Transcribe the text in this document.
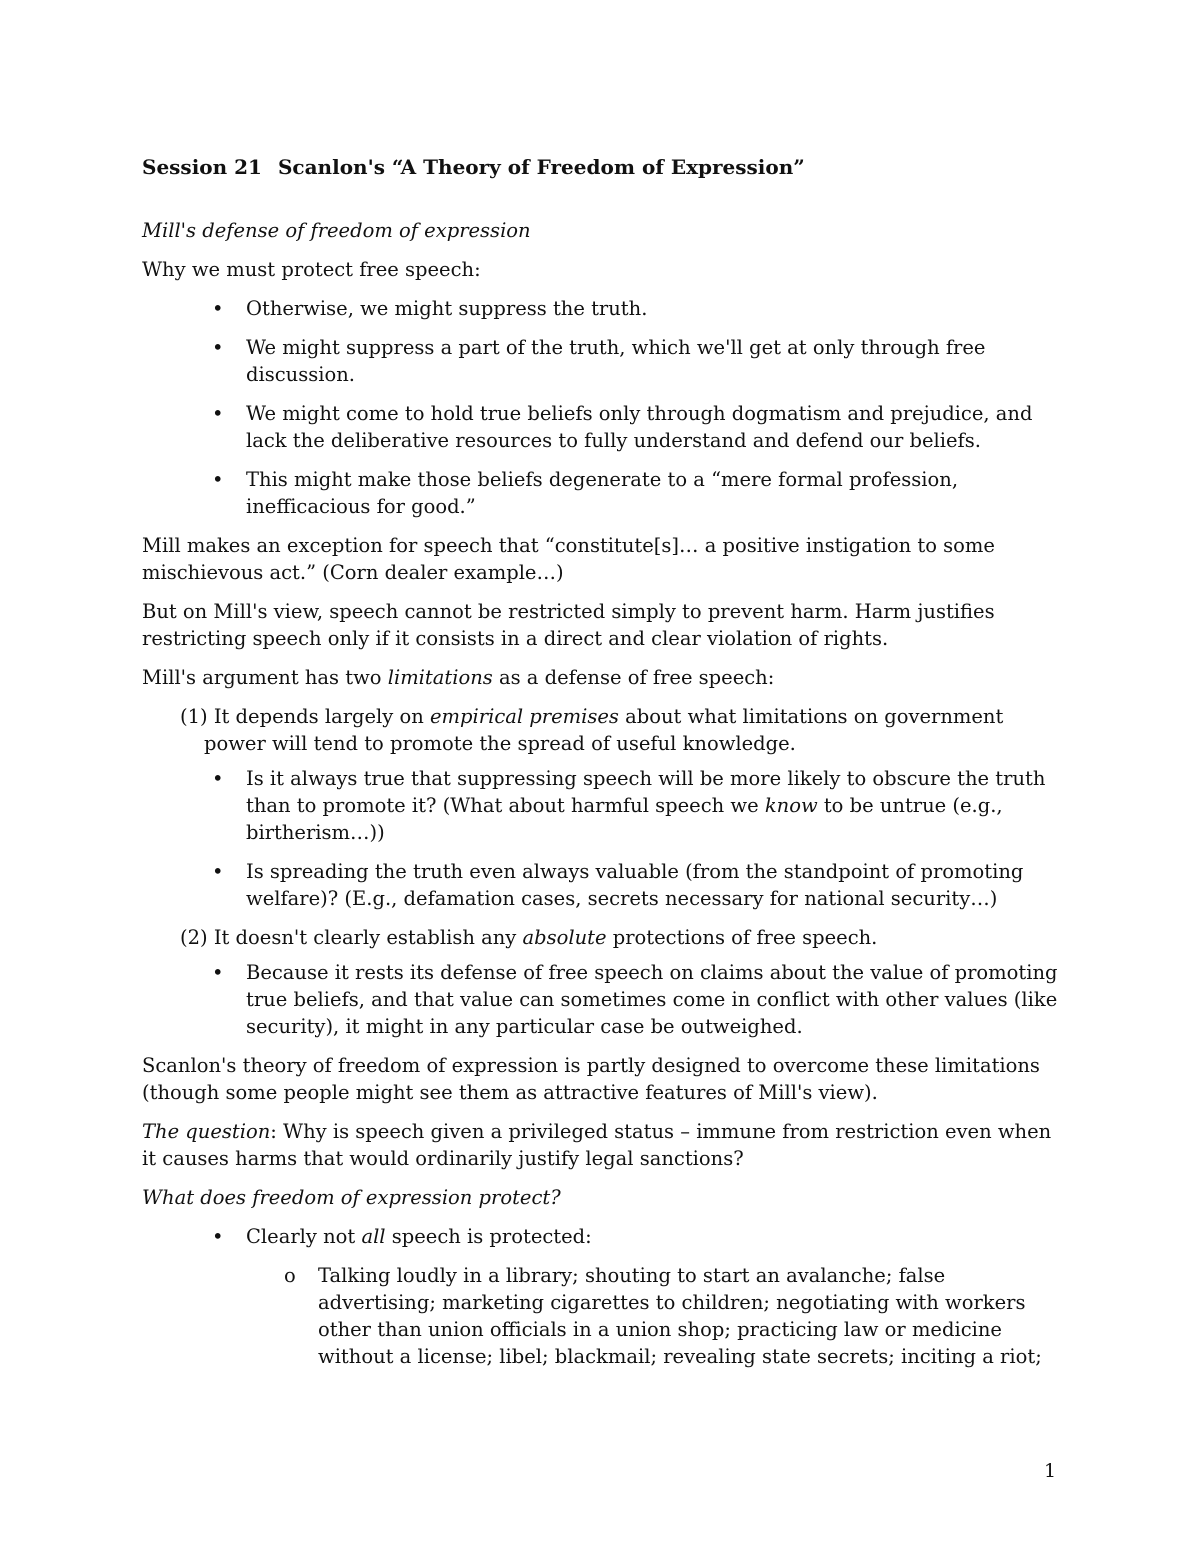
Session 21 Scanlon's “A Theory of Freedom of Expression”

Mill's defense of freedom of expression

Why we must protect free speech:

• Otherwise, we might suppress the truth.
• We might suppress a part of the truth, which we'll get at only through free discussion.
• We might come to hold true beliefs only through dogmatism and prejudice, and lack the deliberative resources to fully understand and defend our beliefs.
• This might make those beliefs degenerate to a “mere formal profession, inefficacious for good.”

Mill makes an exception for speech that “constitute[s]… a positive instigation to some mischievous act.” (Corn dealer example…)

But on Mill's view, speech cannot be restricted simply to prevent harm. Harm justifies restricting speech only if it consists in a direct and clear violation of rights.

Mill's argument has two limitations as a defense of free speech:

(1) It depends largely on empirical premises about what limitations on government power will tend to promote the spread of useful knowledge.

• Is it always true that suppressing speech will be more likely to obscure the truth than to promote it? (What about harmful speech we know to be untrue (e.g., birtherism…))
• Is spreading the truth even always valuable (from the standpoint of promoting welfare)? (E.g., defamation cases, secrets necessary for national security…)

(2) It doesn't clearly establish any absolute protections of free speech.

• Because it rests its defense of free speech on claims about the value of promoting true beliefs, and that value can sometimes come in conflict with other values (like security), it might in any particular case be outweighed.

Scanlon's theory of freedom of expression is partly designed to overcome these limitations (though some people might see them as attractive features of Mill's view).

The question: Why is speech given a privileged status – immune from restriction even when it causes harms that would ordinarily justify legal sanctions?

What does freedom of expression protect?

• Clearly not all speech is protected:
o Talking loudly in a library; shouting to start an avalanche; false advertising; marketing cigarettes to children; negotiating with workers other than union officials in a union shop; practicing law or medicine without a license; libel; blackmail; revealing state secrets; inciting a riot;
1
